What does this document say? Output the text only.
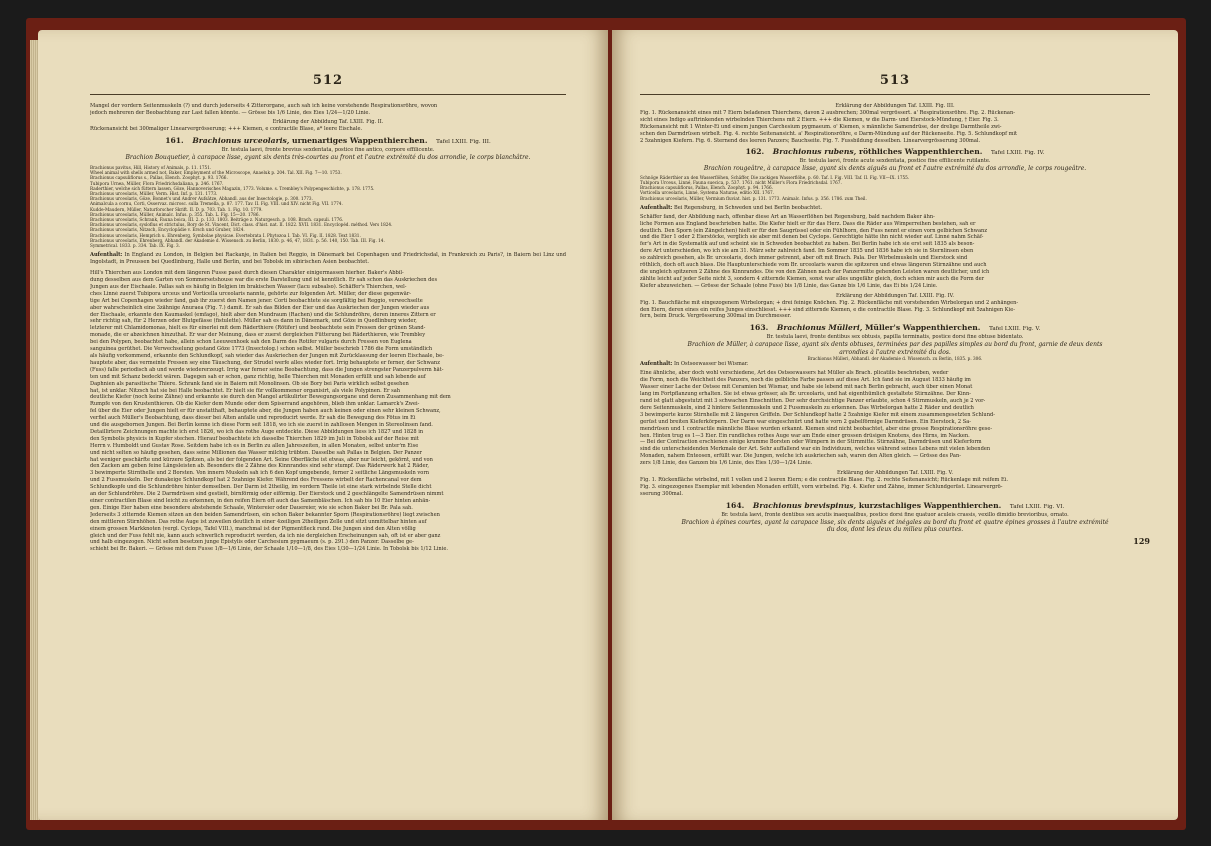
512
Mangel der vordern Seitenmuskeln (?) und durch jederseits 4 Zitterorgane, auch sah ich keine vorstehende Respirationsröhre, wovon
jedoch mehreren der Beobachtung zur Last fallen könnte. — Grösse bis 1/6 Linie, des Eies 1/24—1/20 Linie.
Erklärung der Abbildung Taf. LXIII. Fig. II.
Rückenansicht bei 300maliger Linearvergrösserung; +++ Kiemen, e contractile Blase, a* leere Eischale.
161. Brachionus urceolaris, urnenartiges Wappenthierchen. Tafel LXIII. Fig. III.
Br. testula laevi, fronte brevius sexdentata, postice fine antico, corpore effilicente.
Brachion Bouquetier, à carapace lisse, ayant six dents très-courtes au front et l'autre extrémité du dos arrondie, le corps blanchâtre.
Brachionus pavitus, Hill, History of Animals, p. 11. 1751.
Wheel animal with shells armed not, Baker, Employment of the Microscope, Anaeluk p. 204. Tal. XII. Fig. 7—10. 1753.
Brachionus capsuliflorus s., Pallas, Elench. Zoophyt. p. 93. 1766.
Tubipora Urnea, Müller, Flora Friedrichsdaliana, p. 246. 1767.
Raderthier, welche sich füttern lassen, Göze, Hannoverisches Magazin, 1773. Volume. s. Trembley's Polypengeschichte, p. 178. 1775.
Brachionus urceolaris, Müller, Verm. Hist. Inf. p. 131. 1773.
Brachionus urceolaris, Göze, Bonnet's und Andrer Aufsätze, Abhandl. aus der Insectologie, p. 300. 1773.
Animalcula a cornu, Corti, Osservaz. microsc. sulla Tremella, p. 87. 177. Tav. II. Fig. VIII. und XIV. nicht Fig. VII. 1774.
Kudde-Maudern, Müller, Naturforscher Skrift. II. D. p. 703. Tab. 1. Fig. 10. 1779.
Brachionus urceolaris, Müller, Animalc. Infus. p. 355. Tab. L. Fig. 15—20. 1786.
Brachionus urceolaris, Schrank, Fauna boica, III. 2. p. 133. 1803. Beiträge z. Naturgesch. p. 108. Brach. capsuli. 1776.
Brachionus urceolaris, sysloflus et strictulus, Bory de St. Vincent, Dict. class. d'hist. nat. II. 1822. XVII. 1831. Encyclopéd. méthod. Vers 1824.
Brachionus urceolaris, Nitzsch, Encyclopädie v. Ersch und Gruber, 1824.
Brachionus urceolaris, Hemprich u. Ehrenberg, Symbolae physicae. Evertebrata I. Phytozoa I. Tab. VI. Fig. II. 1828. Text 1831.
Brachionus urceolaris, Ehrenberg, Abhandl. der Akademie d. Wissensch. zu Berlin, 1830. p. 46, 47, 1831. p. 56. 140, 150. Tab. III. Fig. 14.
Symmetrical. 1833. p. 334. Tab. IX. Fig. 3.
Aufenthalt: In England zu London, in Belgien bei Rackanje, in Italien bei Reggio, in Dänemark bei Copenhagen und Friedrichsdal, in Frankreich zu Paris?, in Baiern bei Linz und Ingolstadt, in Preussen bei Quedlinburg, Halle und Berlin, und bei Tobolsk im sibirischen Asien beobachtet.
Hill's Thierchen aus London mit dem längeren Fusse passt durch diesen Charakter einigermassen hierher. Baker's Abbil-
dung desselben aus dem Garten von Sommersetshouse war die erste Darstellung und ist kenntlich. Er sah schon das Auskriechen des
Jungen aus der Eischaale. Pallas sah es häufig in Belgien im brakischen Wasser (lacu subsalso). Schäffer's Thierchen, wel-
ches Linné zuerst Tubipora urceus und Vorticella urceolaris nannte, gehörte zur folgenden Art. Müller, der diese gegenwär-
tige Art bei Copenhagen wieder fand, gab ihr zuerst den Namen jener. Corti beobachtete sie sorgfältig bei Reggio, verwechselte
aber wahrscheinlich eine 3zähnige Anuraea (Fig. 7.) damit. Er sah das Bilden der Eier und das Auskriechen der Jungen wieder aus
der Eischaale, erkannte den Kaumaskel (emfago), hielt aber den Mundraum (Rachen) und die Schlundröhre, deren inneres Zittern er
sehr richtig sah, für 2 Herzen oder Blutgefässe (fistulette). Müller sah es dann in Dänemark, und Göze in Quedlinburg wieder,
letzterer mit Chlamidomonas, hielt es für einerlei mit dem Räderthiere (Rötifer) und beobachtete sein Fressen der grünen Stand-
monade, die er abzeichnen hinzuthat. Er war der Meinung, dass er zuerst dergleichen Fütterung bei Räderthieren, wie Trembley
bei den Polypen, beobachtet habe, allein schon Leeuwenhoek sah den Darm des Rotifer vulgaris durch Fressen von Euglena
sanguinea gerüthet. Die Verwechselung gestand Göze 1773 (Insectolog.) schon selbst. Müller beschrieb 1786 die Form umständlich
als häufig vorkommend, erkannte den Schlundkopf, sah wieder das Auskriechen der Jungen mit Zurücklassung der leeren Eischaale, be-
hauptete aber, das vermeinte Fressen sey eine Täuschung, der Strudel werfe alles wieder fort. Irrig behauptete er ferner, der Schwanz
(Fuss) falle periodisch ab und werde wiedererzeugt. Irrig war ferner seine Beobachtung, dass die Jungen strengster Panzerpulverm hät-
ten und mit Schanz bedeckt wären. Dagegen sah er schon, ganz richtig, helle Thierchen mit Monaden erfüllt und sah lebende auf
Daphnien als parasitische Thiere. Schrank fand sie in Baiern mit Monolinsen. Ob sie Bory bei Paris wirklich selbst gesehen
hat, ist unklar. Nitzsch hat sie bei Halle beobachtet. Er hielt sie für vollkommener organisirt, als viele Polypinen. Er sah
deutliche Kiefer (noch keine Zähne) und erkannte sie durch den Mangel artikulirter Bewegungsorgane und deren Zusammenhang mit dem
Rumpfe von den Krustenthieren. Ob die Kiefer dem Munde oder dem Spiserrand angehören, blieb ihm unklar. Lamarck's Zwei-
fel über die Eier oder Jungen hielt er für unstatthaft, behauptete aber, die Jungen haben auch keinen oder einen sehr kleinen Schwanz,
verfiel auch Müller's Beobachtung, dass dieser bei Alten anfalle und reproducirt werde. Er sah die Bewegung des Fötus im Ei
und die ausgebornen Jungen. Bei Berlin kenne ich diese Form seit 1818, wo ich sie zuerst in zahllosen Mengen in Stereolinsen fand.
Detaillirtere Zeichnungen machte ich erst 1826, wo ich das rothe Auge entdeckte. Diese Abbildungen liess ich 1827 und 1828 in
den Symbolis physicis in Kupfer stechen. Hierauf beobachtete ich dasselbe Thierchen 1829 im Juli in Tobolsk auf der Reise mit
Herrn v. Humboldt und Gustav Rose. Seitdem habe ich es in Berlin zu allen Jahreszeiten, in allen Monaten, selbst unter'm Eise
und nicht selten so häufig gesehen, dass seine Millionen das Wasser milchig trübten. Dasselbe sah Pallas in Belgien. Der Panzer
hat weniger geschärfte und kürzere Spitzen, als bei der folgenden Art. Seine Oberfläche ist etwas, aber nur leicht, gekörnt, und von
den Zacken am geben feine Längsleisten ab. Besonders die 2 Zähne des Kinnrandes sind sehr stumpf. Das Räderwerk hat 2 Räder,
3 bewimperte Stirnthelle und 2 Borsten. Von innern Muskeln sah ich 6 den Kopf umgebende, ferner 2 seitliche Längsmuskeln vorn
und 2 Fussmuskeln. Der dunakeige Schlundkopf hat 2 5zahnige Kiefer. Während des Fressens wirbelt der Rachencanal vor dem
Schlundkopfe und die Schlundröhre hinter demselben. Der Darm ist 2theilig, im vordern Theile ist eine stark wirbelnde Stelle dicht
an der Schlundröhre. Die 2 Darmdrüsen sind gestielt, birnförmig oder eiförmig. Der Eierstock und 2 geschlängelte Samendrüsen nimmt
einer contractilen Blase sind leicht zu erkennen, in den reifen Eiern oft auch das Samenbläschen. Ich sah bis 10 Eier hinten anhän-
gen. Einige Eier haben eine besondere abstehende Schaale, Wintereier oder Dauereier, wie sie schon Baker bei Br. Pala sah.
Jederseits 3 zitternde Kiemen sitzen an den beiden Samendrüsen, ein schon Baker bekannter Sporn (Respirationsröhre) liegt zwischen
den mittleren Stirnhöhen. Das rothe Auge ist zuweilen deutlich in einer 4zeiligen 2theiligen Zelle und sitzt unmittelbar hinten auf
einem grossen Markknoten (vergl. Cyclops, Tafel VIII.), manchmal ist der Pigmentfleck rund. Die Jungen sind den Alten völlig
gleich und der Fuss fehlt nie, kann auch schwerlich reproducirt werden, da ich nie dergleichen Erscheinungen sah, oft ist er aber ganz
und halb eingezogen. Nicht selten besetzen junge Epistylis oder Carchesium pygmaeum (s. p. 291.) den Panzer. Dasselbe ge-
schieht bei Br. Bakeri. — Grösse mit dem Fusse 1/8—1/6 Linie, der Schaale 1/10—1/8, des Eies 1/30—1/24 Linie. In Tobolsk bis 1/12 Linie.
513
Erklärung der Abbildungen Taf. LXIII. Fig. III.
Fig. 1. Rückenansicht eines mit 7 Eiern beladenen Thierchens, davon 2 ausbrechen; 300mal vergrössert. a' Respirationsröhre. Fig. 2. Rückenan-
sicht eines Indigo auftrinkenden wirbelnden Thierchens mit 2 Eiern. +++ die Kiemen, w die Darm- und Eierstock-Mündung, † Eier. Fig. 3.
Rückenansicht mit 1 Winter-Ei und einem jungen Carchesium pygmaeum. o' Kiemen, s männliche Samendrüse, der drelige Darmtheile zwi-
schen den Darmdrüsen wirbelt. Fig. 4. rechte Seitenansicht. a' Respirationsröhre, e Darm-Mündung auf der Rückenseite. Fig. 5. Schlundkopf mit
2 5zahnigen Kiefern. Fig. 6. Sternend des leeren Panzers; Bauchseite. Fig. 7. Fussbildung desselben. Linearvergrösserung 300mal.
162. Brachionus rubens, röthliches Wappenthierchen. Tafel LXIII. Fig. IV.
Br. testula laevi, fronte acute sexdentata, postice fine effilicente rutilante.
Brachion rougeâtre, à carapace lisse, ayant six dents aiguës au front et l'autre extrémité du dos arrondie, le corps rougeâtre.
Schnöge Räderthier an den Wasserflöhen, Schäffer, Die zackigen Wasserflöhe, p. 60. Taf. I. Fig. VIII. Taf. II. Fig. VII—IX. 1755.
Tubipora Urceus, Linné, Fauna suecica, p. 537. 1761. nicht Müller's Flora Friedrichsdal. 1767.
Brachionus capsuliflorus, Pallas, Elench. Zoophyt. p. 94. 1766.
Vorticella urceolaris, Linné, Systema Naturae, editio XII. 1767.
Brachionus urceolaris, Müller, Vermium fluviat. hist. p. 131. 1773. Animalc. Infus. p. 356. 1786. zum Theil.
Aufenthalt: Bei Regensburg, in Schweden und bei Berlin beobachtet.
Schäffer fand, der Abbildung nach, offenbar diese Art an Wasserflöhen bei Regensburg, bald nachdem Baker ähn-
liche Formen aus England beschrieben hatte. Die Kiefer hielt er für das Herz. Dass die Räder aus Wimperreihen bestehen, sah er
deutlich. Den Sporn (ein Zängelchen) hielt er für den Saugrüssel oder ein Fühlhorn, den Fuss nennt er einen vorn gelbichen Schwanz
und die Eier 1 oder 2 Eierstöcke, verglich sie aber mit denen bei Cyclops. Gerechtigte hätte ihn nicht wieder auf. Linné nahm Schäf-
fer's Art in die Systematik auf und scheint sie in Schweden beobachtet zu haben. Bei Berlin habe ich sie erst seit 1835 als beson-
dere Art unterschieden, wo ich sie am 31. März sehr zahlreich fand. Im Sommer 1835 und 1836 habe ich sie in Sternlinsen eben
so zahlreich gesehen, als Br. urceolaris, doch immer getrennt, aber oft mit Brach. Pala. Der Wirbelmuskeln und Eierstock sind
röthlich, doch oft auch blass. Die Hauptunterschiede vom Br. urceolaris waren die spitzeren und etwas längeren Stirnzähne und auch
die ungleich spitzeren 2 Zähne des Kinnrandes. Die von den Zähnen nach der Panzermitte gehenden Leisten waren deutlicher, und ich
zählte leicht auf jeder Seite nicht 3, sondern 4 zitternde Kiemen, sonst war alles ungefähr gleich, doch schien mir auch die Form der
Kiefer abzuweichen. — Grösse der Schaale (ohne Fuss) bis 1/8 Linie, das Ganze bis 1/6 Linie, das Ei bis 1/24 Linie.
Erklärung der Abbildungen Taf. LXIII. Fig. IV.
Fig. 1. Bauchfläche mit eingezogenem Wirbelorgan; + drei feinige Knöchen. Fig. 2. Rückenfläche mit vorstehenden Wirbelorgan und 2 anhängen-
den Eiern, deren eines ein reifes Junges einschliesst. +++ sind zitternde Kiemen, e die contractile Blase. Fig. 3. Schlundkopf mit 5zahnigen Kie-
fern, beim Druck. Vergrösserung 300mal im Durchmesser.
163. Brachionus Mülleri, Müller's Wappenthierchen. Tafel LXIII. Fig. V.
Br. testula laevi, fronte dentibus sex obtusis, papilla terminatis, postice dorsi fine obtuse bidentato.
Brachion de Müller, à carapace lisse, ayant six dents obtuses, terminées par des papilles simples au bord du front, garnie de deux dents arrondies à l'autre extrémité du dos.
Brachionus Mülleri, Abhandl. der Akademie d. Wissensch. zu Berlin, 1835. p. 306.
Aufenthalt: In Ostseewasser bei Wismar.
Eine ähnliche, aber doch wohl verschiedene, Art des Ostseewassers hat Müller als Brach. plicatilis beschrieben, weder
die Form, noch die Weichheit des Panzers, noch die gelbliche Farbe passen auf diese Art. Ich fand sie im August 1833 häufig im
Wasser einer Lache der Ostsee mit Ceramien bei Wismar, und habe sie lebend mit nach Berlin gebracht, auch über einen Monat
lang im Fortpflanzung erhalten. Sie ist etwas grösser, als Br. urceolaris, und hat eigenthümlich gestaltete Stirnzähne. Der Kinn-
rand ist glatt abgestutzt mit 3 schwachen Einschnitten. Der sehr durchsichtige Panzer erlaubte, schon 4 Stirnmuskeln, auch je 2 vor-
dere Seitenmuskeln, sind 2 hintere Seitenmuskeln und 2 Fussmuskeln zu erkennen. Das Wirbelorgan hatte 2 Räder und deutlich
3 bewimperte kurze Stirnhelle mit 2 längeren Griffeln. Der Schlundkopf hatte 2 5zahnige Kiefer mit einem zusammengesetzten Schlund-
gerüst und breiten Kieferkörpern. Der Darm war eingeschnürt und hatte vorn 2 gabelförmige Darmdrüsen. Ein Eierstock, 2 Sa-
mendrüsen und 1 contractile männliche Blase wurden erkannt. Kiemen sind nicht beobachtet, aber eine grosse Respirationsröhre gese-
hen. Hinten trug es 1—3 Eier. Ein rundliches rothes Auge war am Ende einer grossen drüsigen Knotens, des Hirns, im Nacken.
— Bei der Contraction erschienen einige krumme Borsten oder Wimpern in der Stirnmitte. Stirnzähne, Darmdrüsen und Kieferform
sind die unterscheidenden Merkmale der Art. Sehr auffallend war ein Individuum, welches während seines Lebens mit vielen lebenden
Monaden, nahem Enteosen, erfüllt war. Die Jungen, welche ich auskriechen sah, waren den Alten gleich. — Grösse des Pan-
zers 1/8 Linie, des Ganzen bis 1/6 Linie, des Eies 1/30—1/24 Linie.
Erklärung der Abbildungen Taf. LXIII. Fig. V.
Fig. 1. Rückenfläche wirbelnd, mit 1 vollen und 2 leeren Eiern; e die contractile Blase. Fig. 2. rechte Seitenansicht; Rückenlage mit reifem Ei.
Fig. 3. eingezogenes Exemplar mit lebenden Monaden erfüllt, vorn wirbelnd. Fig. 4. Kiefer und Zähne, immer Schlundgerüst. Linearvergrö-
sserung 300mal.
164. Brachionus brevispinus, kurzstachliges Wappenthierchen. Tafel LXIII. Fig. VI.
Br. testula laevi, fronte dentibus sex acutis inaequalibus, postice dorsi fine quatuor aculeis crassis, vexillo dimidio brevioribus, ornato.
Brachion à épines courtes, ayant la carapace lisse, six dents aiguës et inégales au bord du front et quatre épines grosses à l'autre extrémité du dos, dont les deux du milieu plus courtes.
129
